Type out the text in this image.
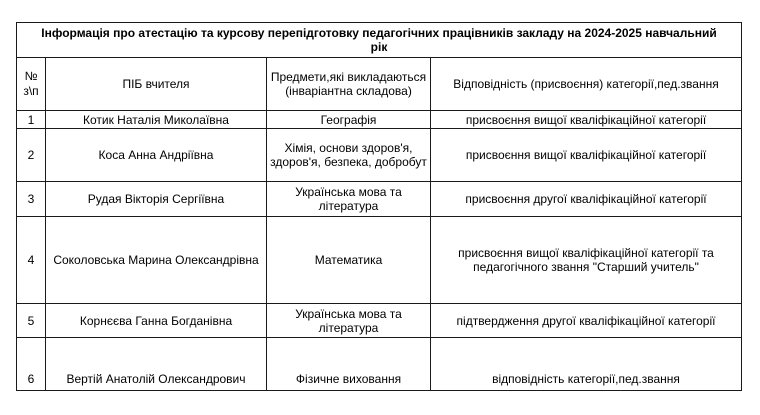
Інформація про атестацію та курсову перепідготовку педагогічних працівників закладу на 2024-2025 навчальний рік			
№ з\п	ПІБ вчителя	Предмети,які викладаються (інваріантна складова)	Відповідність (присвоєння) категорії,пед.звання
1	Котик Наталія Миколаївна	Географія	присвоєння вищої кваліфікаційної категорії
2	Коса Анна Андріївна	Хімія, основи здоров'я, здоров'я, безпека, добробут	присвоєння вищої кваліфікаційної категорії
3	Рудая Вікторія Сергіївна	Українська мова та література	присвоєння другої кваліфікаційної категорії
4	Соколовська Марина Олександрівна	Математика	присвоєння вищої кваліфікаційної категорії та педагогічного звання "Старший учитель"
5	Корнєєва Ганна Богданівна	Українська мова та література	підтвердження другої кваліфікаційної категорії
6	Вертій Анатолій Олександрович	Фізичне виховання	відповідність категорії,пед.звання
